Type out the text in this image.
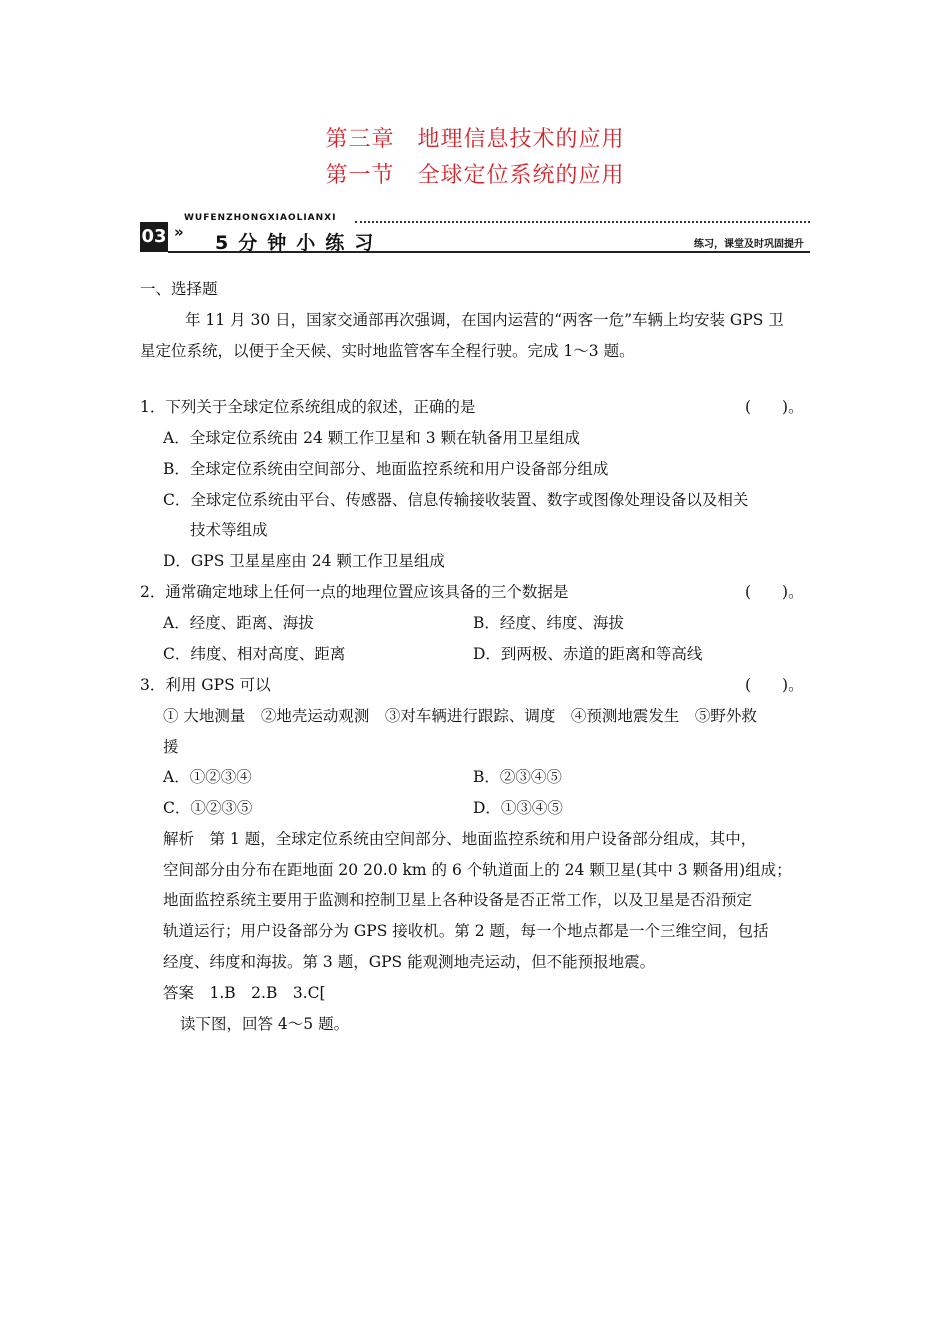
第三章　地理信息技术的应用
第一节　全球定位系统的应用
03 »
WUFENZHONGXIAOLIANXI
5分钟小练习	练习，课堂及时巩固提升
一、选择题
年 11 月 30 日，国家交通部再次强调，在国内运营的“两客一危”车辆上均安装 GPS 卫
星定位系统，以便于全天候、实时地监管客车全程行驶。完成 1～3 题。
1．下列关于全球定位系统组成的叙述，正确的是	(　　)。
A．全球定位系统由 24 颗工作卫星和 3 颗在轨备用卫星组成
B．全球定位系统由空间部分、地面监控系统和用户设备部分组成
C．全球定位系统由平台、传感器、信息传输接收装置、数字或图像处理设备以及相关
技术等组成
D．GPS 卫星星座由 24 颗工作卫星组成
2．通常确定地球上任何一点的地理位置应该具备的三个数据是	(　　)。
A．经度、距离、海拔	B．经度、纬度、海拔
C．纬度、相对高度、距离	D．到两极、赤道的距离和等高线
3．利用 GPS 可以	(　　)。
① 大地测量　②地壳运动观测　③对车辆进行跟踪、调度　④预测地震发生　⑤野外救
援
A．①②③④	B．②③④⑤
C．①②③⑤	D．①③④⑤
解析　第 1 题，全球定位系统由空间部分、地面监控系统和用户设备部分组成，其中，
空间部分由分布在距地面 20 20.0 km 的 6 个轨道面上的 24 颗卫星(其中 3 颗备用)组成；
地面监控系统主要用于监测和控制卫星上各种设备是否正常工作，以及卫星是否沿预定
轨道运行；用户设备部分为 GPS 接收机。第 2 题，每一个地点都是一个三维空间，包括
经度、纬度和海拔。第 3 题，GPS 能观测地壳运动，但不能预报地震。
答案　1.B　2.B　3.C[
读下图，回答 4～5 题。
